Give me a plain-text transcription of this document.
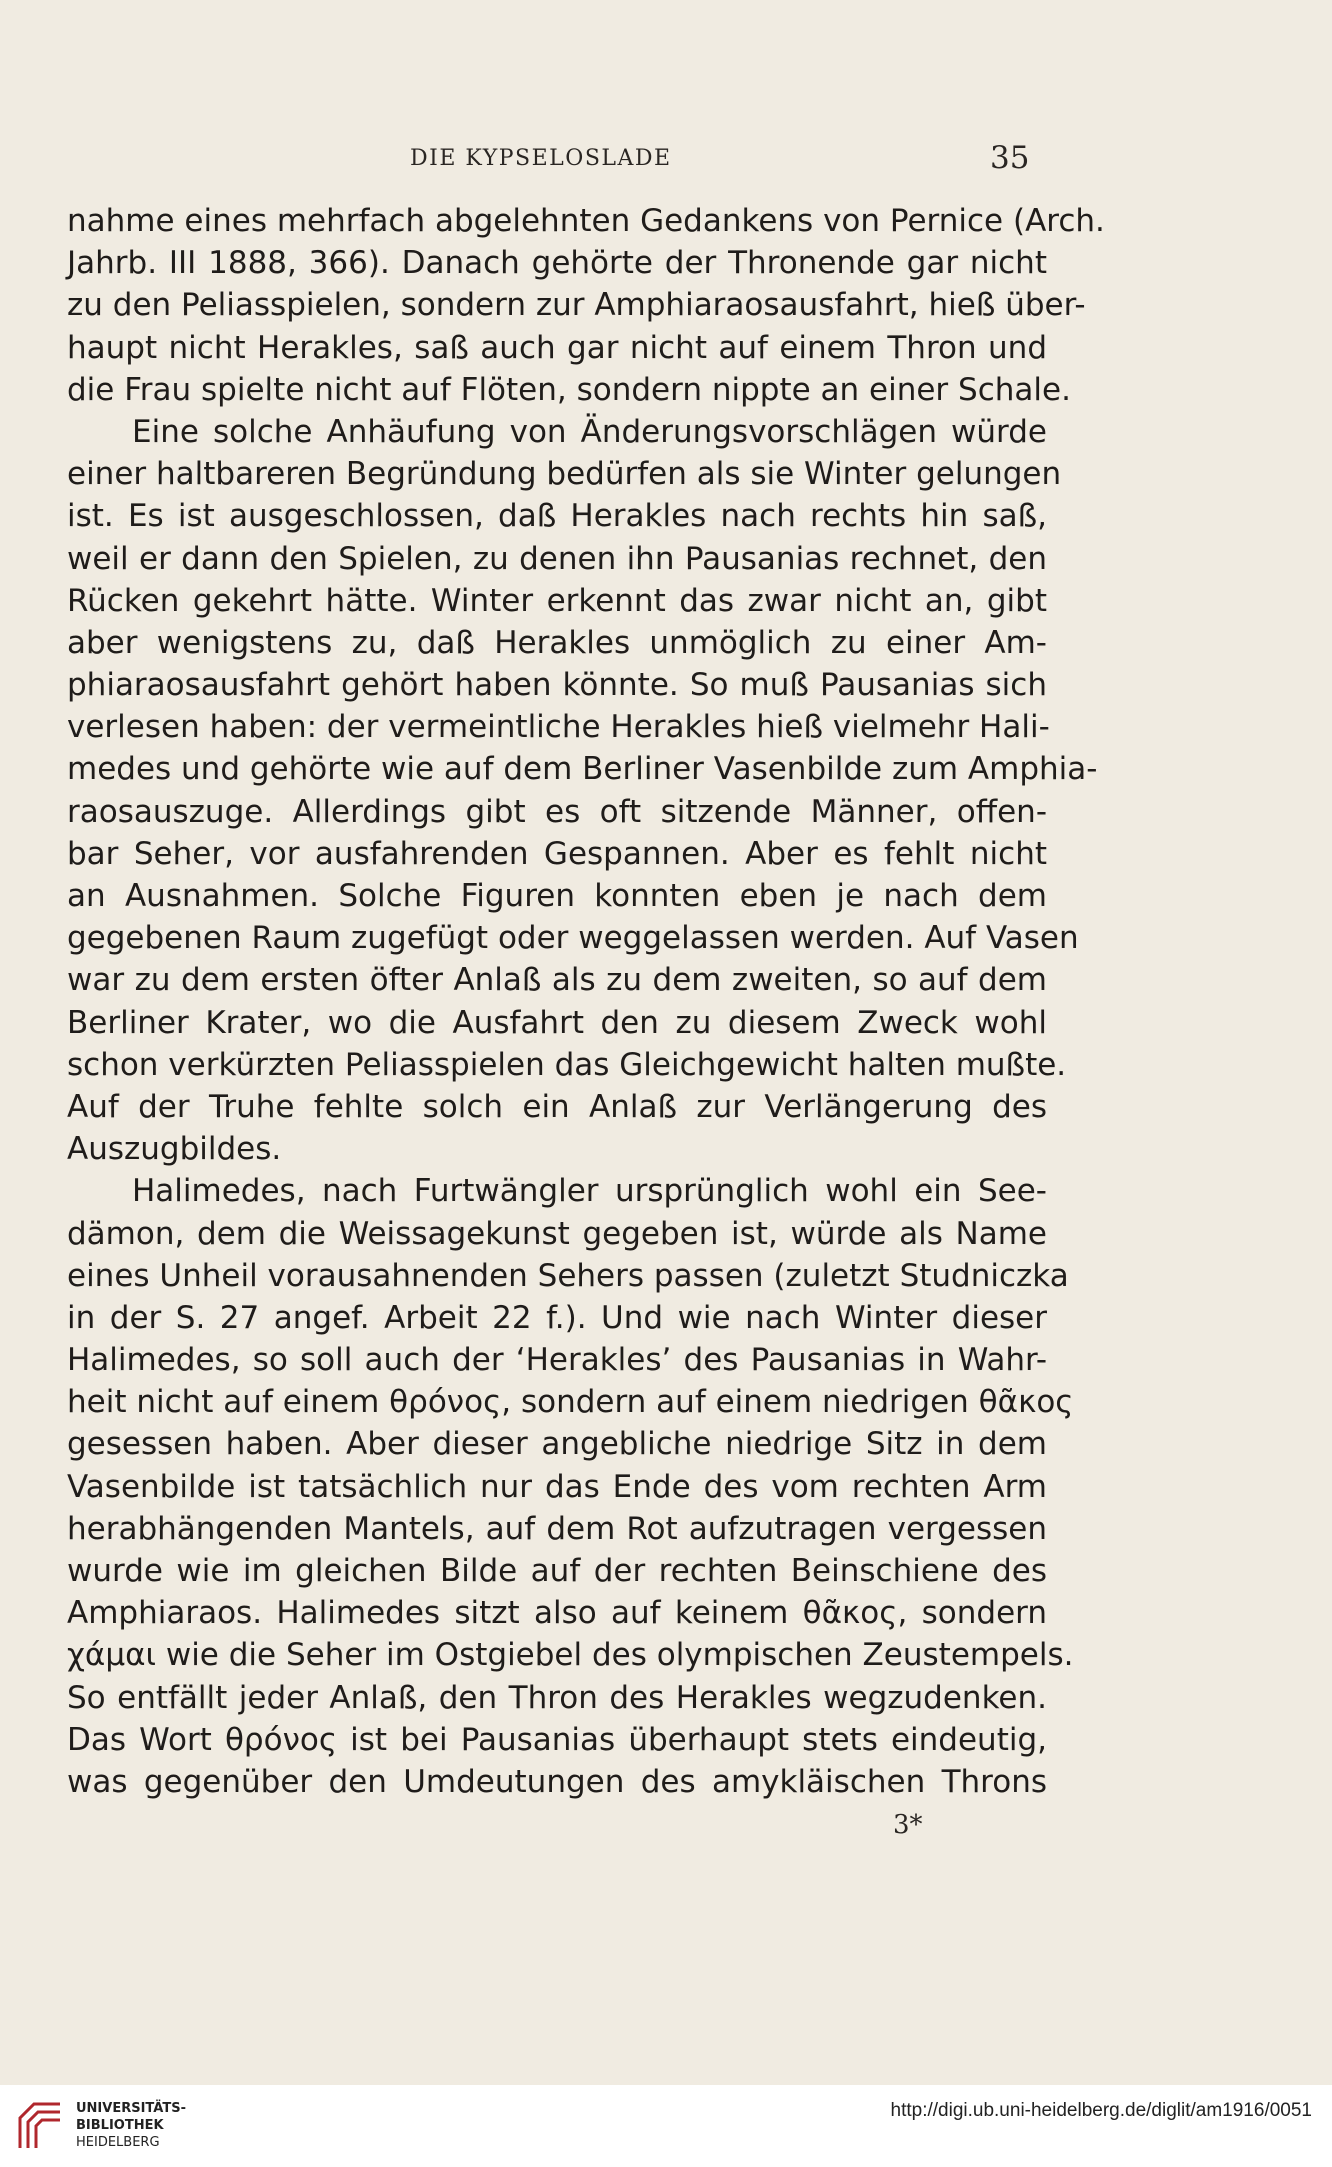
DIE KYPSELOSLADE	35
nahme eines mehrfach abgelehnten Gedankens von Pernice (Arch.
Jahrb. III 1888, 366). Danach gehörte der Thronende gar nicht
zu den Peliasspielen, sondern zur Amphiaraosausfahrt, hieß über-
haupt nicht Herakles, saß auch gar nicht auf einem Thron und
die Frau spielte nicht auf Flöten, sondern nippte an einer Schale.
Eine solche Anhäufung von Änderungsvorschlägen würde
einer haltbareren Begründung bedürfen als sie Winter gelungen
ist. Es ist ausgeschlossen, daß Herakles nach rechts hin saß,
weil er dann den Spielen, zu denen ihn Pausanias rechnet, den
Rücken gekehrt hätte. Winter erkennt das zwar nicht an, gibt
aber wenigstens zu, daß Herakles unmöglich zu einer Am-
phiaraosausfahrt gehört haben könnte. So muß Pausanias sich
verlesen haben: der vermeintliche Herakles hieß vielmehr Hali-
medes und gehörte wie auf dem Berliner Vasenbilde zum Amphia-
raosauszuge. Allerdings gibt es oft sitzende Männer, offen-
bar Seher, vor ausfahrenden Gespannen. Aber es fehlt nicht
an Ausnahmen. Solche Figuren konnten eben je nach dem
gegebenen Raum zugefügt oder weggelassen werden. Auf Vasen
war zu dem ersten öfter Anlaß als zu dem zweiten, so auf dem
Berliner Krater, wo die Ausfahrt den zu diesem Zweck wohl
schon verkürzten Peliasspielen das Gleichgewicht halten mußte.
Auf der Truhe fehlte solch ein Anlaß zur Verlängerung des
Auszugbildes.
Halimedes, nach Furtwängler ursprünglich wohl ein See-
dämon, dem die Weissagekunst gegeben ist, würde als Name
eines Unheil vorausahnenden Sehers passen (zuletzt Studniczka
in der S. 27 angef. Arbeit 22 f.). Und wie nach Winter dieser
Halimedes, so soll auch der ‘Herakles’ des Pausanias in Wahr-
heit nicht auf einem θρόνος, sondern auf einem niedrigen θᾶκος
gesessen haben. Aber dieser angebliche niedrige Sitz in dem
Vasenbilde ist tatsächlich nur das Ende des vom rechten Arm
herabhängenden Mantels, auf dem Rot aufzutragen vergessen
wurde wie im gleichen Bilde auf der rechten Beinschiene des
Amphiaraos. Halimedes sitzt also auf keinem θᾶκος, sondern
χάμαι wie die Seher im Ostgiebel des olympischen Zeustempels.
So entfällt jeder Anlaß, den Thron des Herakles wegzudenken.
Das Wort θρόνος ist bei Pausanias überhaupt stets eindeutig,
was gegenüber den Umdeutungen des amykläischen Throns
3*
UNIVERSITÄTS-
BIBLIOTHEK
HEIDELBERG
http://digi.ub.uni-heidelberg.de/diglit/am1916/0051
